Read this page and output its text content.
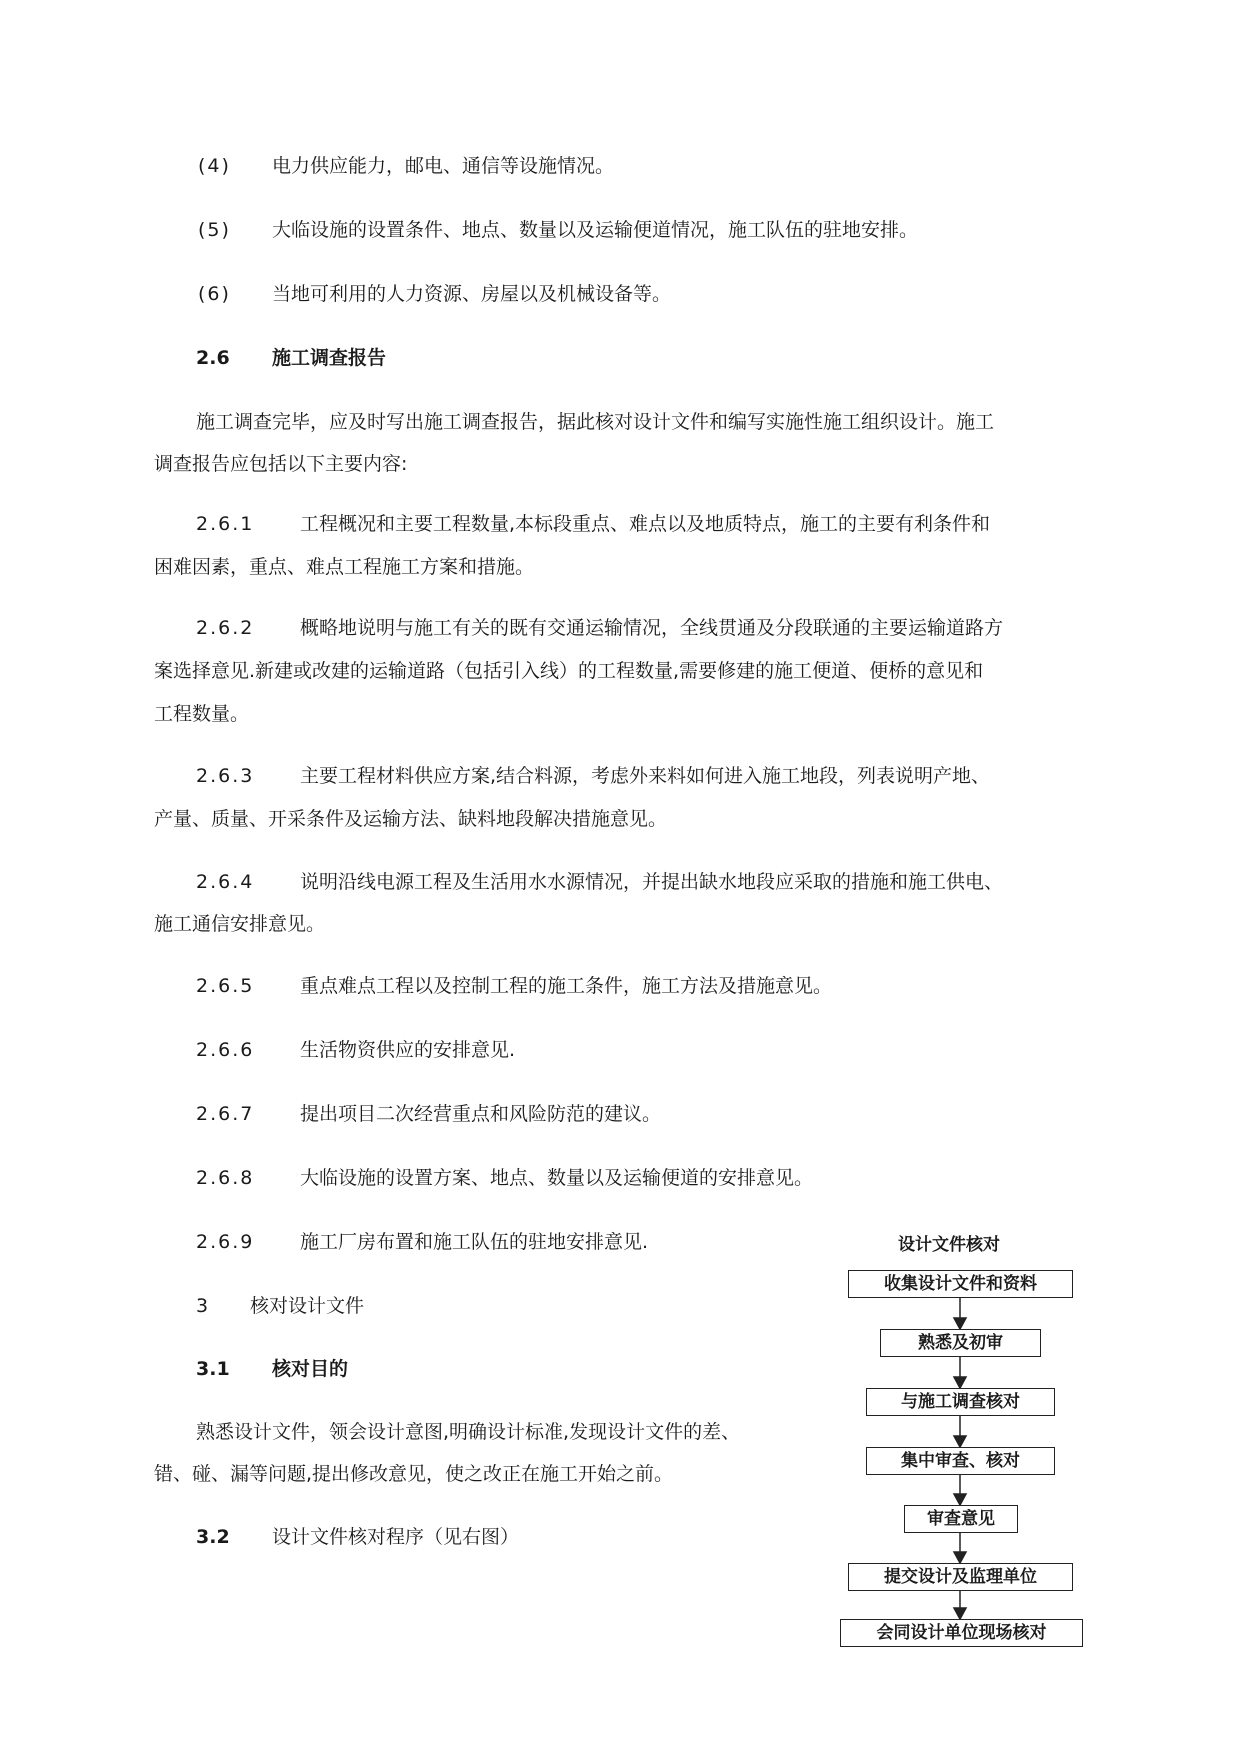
(4) 电力供应能力，邮电、通信等设施情况。
(5) 大临设施的设置条件、地点、数量以及运输便道情况，施工队伍的驻地安排。
(6) 当地可利用的人力资源、房屋以及机械设备等。
2.6 施工调查报告
施工调查完毕，应及时写出施工调查报告，据此核对设计文件和编写实施性施工组织设计。施工
调查报告应包括以下主要内容:
2.6.1 工程概况和主要工程数量,本标段重点、难点以及地质特点，施工的主要有利条件和
困难因素，重点、难点工程施工方案和措施。
2.6.2 概略地说明与施工有关的既有交通运输情况，全线贯通及分段联通的主要运输道路方
案选择意见.新建或改建的运输道路（包括引入线）的工程数量,需要修建的施工便道、便桥的意见和
工程数量。
2.6.3 主要工程材料供应方案,结合料源，考虑外来料如何进入施工地段，列表说明产地、
产量、质量、开采条件及运输方法、缺料地段解决措施意见。
2.6.4 说明沿线电源工程及生活用水水源情况，并提出缺水地段应采取的措施和施工供电、
施工通信安排意见。
2.6.5 重点难点工程以及控制工程的施工条件，施工方法及措施意见。
2.6.6 生活物资供应的安排意见.
2.6.7 提出项目二次经营重点和风险防范的建议。
2.6.8 大临设施的设置方案、地点、数量以及运输便道的安排意见。
2.6.9 施工厂房布置和施工队伍的驻地安排意见.
3 核对设计文件
3.1 核对目的
熟悉设计文件，领会设计意图,明确设计标准,发现设计文件的差、
错、碰、漏等问题,提出修改意见，使之改正在施工开始之前。
3.2 设计文件核对程序（见右图）
设计文件核对
收集设计文件和资料
熟悉及初审
与施工调查核对
集中审查、核对
审查意见
提交设计及监理单位
会同设计单位现场核对
